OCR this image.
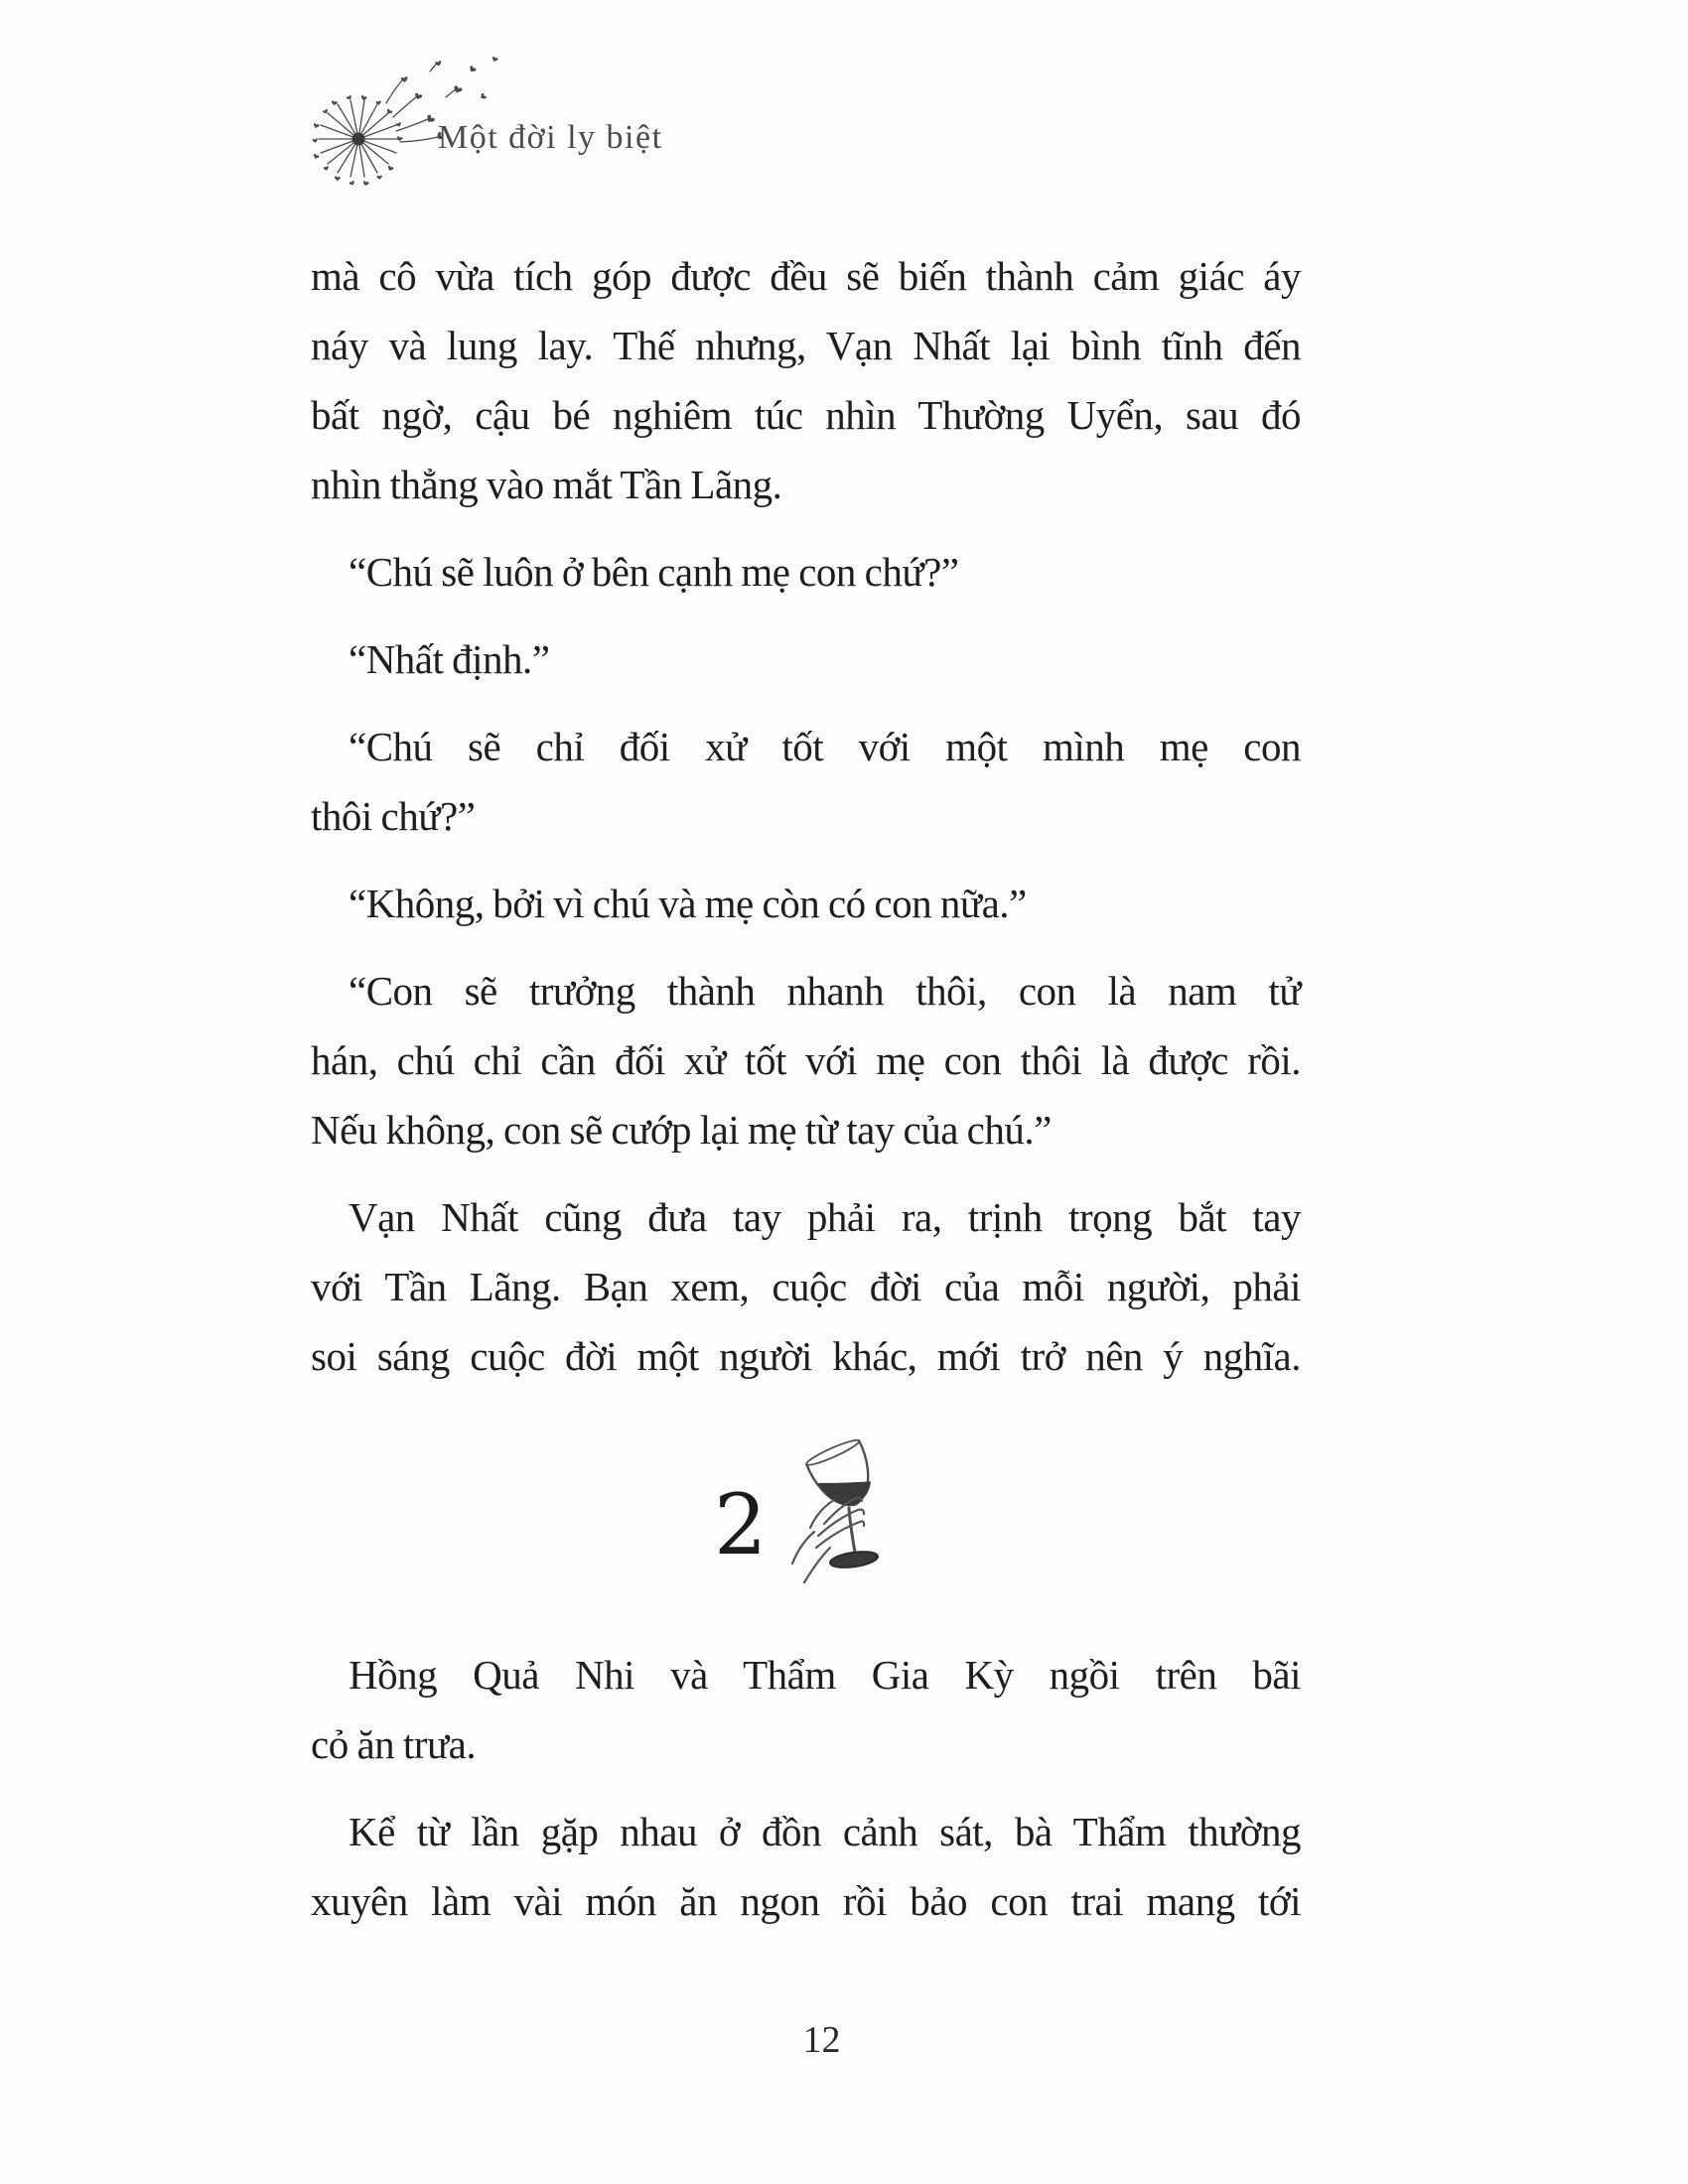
Một đời ly biệt
mà cô vừa tích góp được đều sẽ biến thành cảm giác áy
náy và lung lay. Thế nhưng, Vạn Nhất lại bình tĩnh đến
bất ngờ, cậu bé nghiêm túc nhìn Thường Uyển, sau đó
nhìn thẳng vào mắt Tần Lãng.
“Chú sẽ luôn ở bên cạnh mẹ con chứ?”
“Nhất định.”
“Chú sẽ chỉ đối xử tốt với một mình mẹ con
thôi chứ?”
“Không, bởi vì chú và mẹ còn có con nữa.”
“Con sẽ trưởng thành nhanh thôi, con là nam tử
hán, chú chỉ cần đối xử tốt với mẹ con thôi là được rồi.
Nếu không, con sẽ cướp lại mẹ từ tay của chú.”
Vạn Nhất cũng đưa tay phải ra, trịnh trọng bắt tay
với Tần Lãng. Bạn xem, cuộc đời của mỗi người, phải
soi sáng cuộc đời một người khác, mới trở nên ý nghĩa.
2
Hồng Quả Nhi và Thẩm Gia Kỳ ngồi trên bãi
cỏ ăn trưa.
Kể từ lần gặp nhau ở đồn cảnh sát, bà Thẩm thường
xuyên làm vài món ăn ngon rồi bảo con trai mang tới
12
